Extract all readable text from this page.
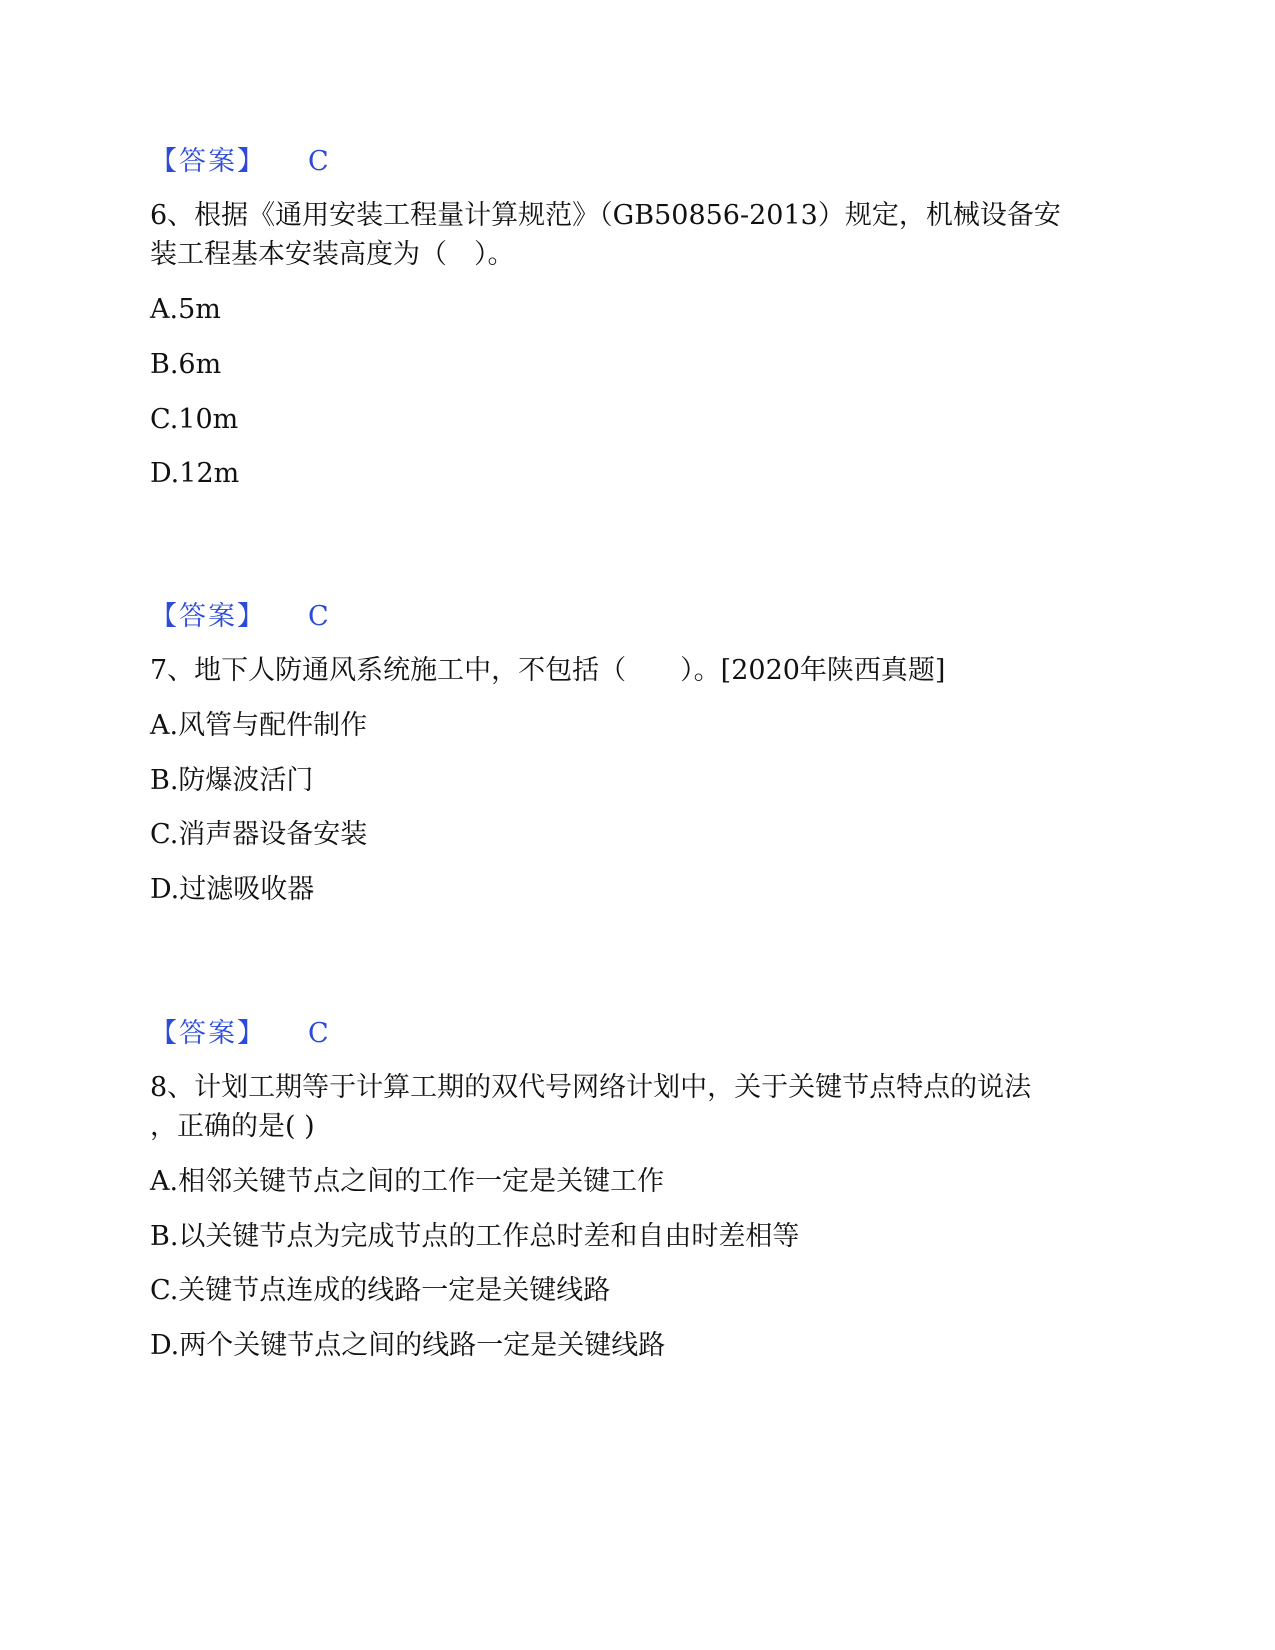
【答案】 C
6、根据《通用安装工程量计算规范》（GB50856-2013）规定，机械设备安
装工程基本安装高度为（　）。
A.5m
B.6m
C.10m
D.12m
【答案】 C
7、地下人防通风系统施工中，不包括（　　）。[2020年陕西真题]
A.风管与配件制作
B.防爆波活门
C.消声器设备安装
D.过滤吸收器
【答案】 C
8、计划工期等于计算工期的双代号网络计划中，关于关键节点特点的说法
，正确的是( )
A.相邻关键节点之间的工作一定是关键工作
B.以关键节点为完成节点的工作总时差和自由时差相等
C.关键节点连成的线路一定是关键线路
D.两个关键节点之间的线路一定是关键线路
